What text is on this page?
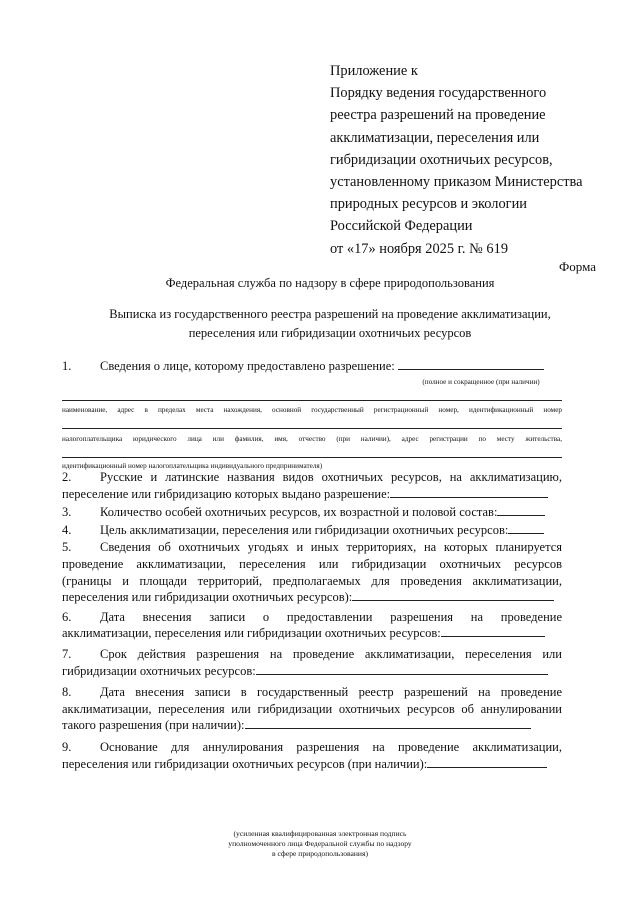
Приложение к
Порядку ведения государственного
реестра разрешений на проведение
акклиматизации, переселения или
гибридизации охотничьих ресурсов,
установленному приказом Министерства
природных ресурсов и экологии
Российской Федерации
от «17» ноября 2025 г. № 619
Форма
Федеральная служба по надзору в сфере природопользования
Выписка из государственного реестра разрешений на проведение акклиматизации,
переселения или гибридизации охотничьих ресурсов
1. Сведения о лице, которому предоставлено разрешение:
(полное и сокращенное (при наличии)
наименование, адрес в пределах места нахождения, основной государственный регистрационный номер, идентификационный номер
налогоплательщика юридического лица или фамилия, имя, отчество (при наличии), адрес регистрации по месту жительства,
идентификационный номер налогоплательщика индивидуального предпринимателя)
2. Русские и латинские названия видов охотничьих ресурсов, на акклиматизацию,
переселение или гибридизацию которых выдано разрешение:
3. Количество особей охотничьих ресурсов, их возрастной и половой состав:
4. Цель акклиматизации, переселения или гибридизации охотничьих ресурсов:
5. Сведения об охотничьих угодьях и иных территориях, на которых планируется
проведение акклиматизации, переселения или гибридизации охотничьих ресурсов
(границы и площади территорий, предполагаемых для проведения акклиматизации,
переселения или гибридизации охотничьих ресурсов):
6. Дата внесения записи о предоставлении разрешения на проведение
акклиматизации, переселения или гибридизации охотничьих ресурсов:
7. Срок действия разрешения на проведение акклиматизации, переселения или
гибридизации охотничьих ресурсов:
8. Дата внесения записи в государственный реестр разрешений на проведение
акклиматизации, переселения или гибридизации охотничьих ресурсов об аннулировании
такого разрешения (при наличии):
9. Основание для аннулирования разрешения на проведение акклиматизации,
переселения или гибридизации охотничьих ресурсов (при наличии):
(усиленная квалифицированная электронная подпись
уполномоченного лица Федеральной службы по надзору
в сфере природопользования)
